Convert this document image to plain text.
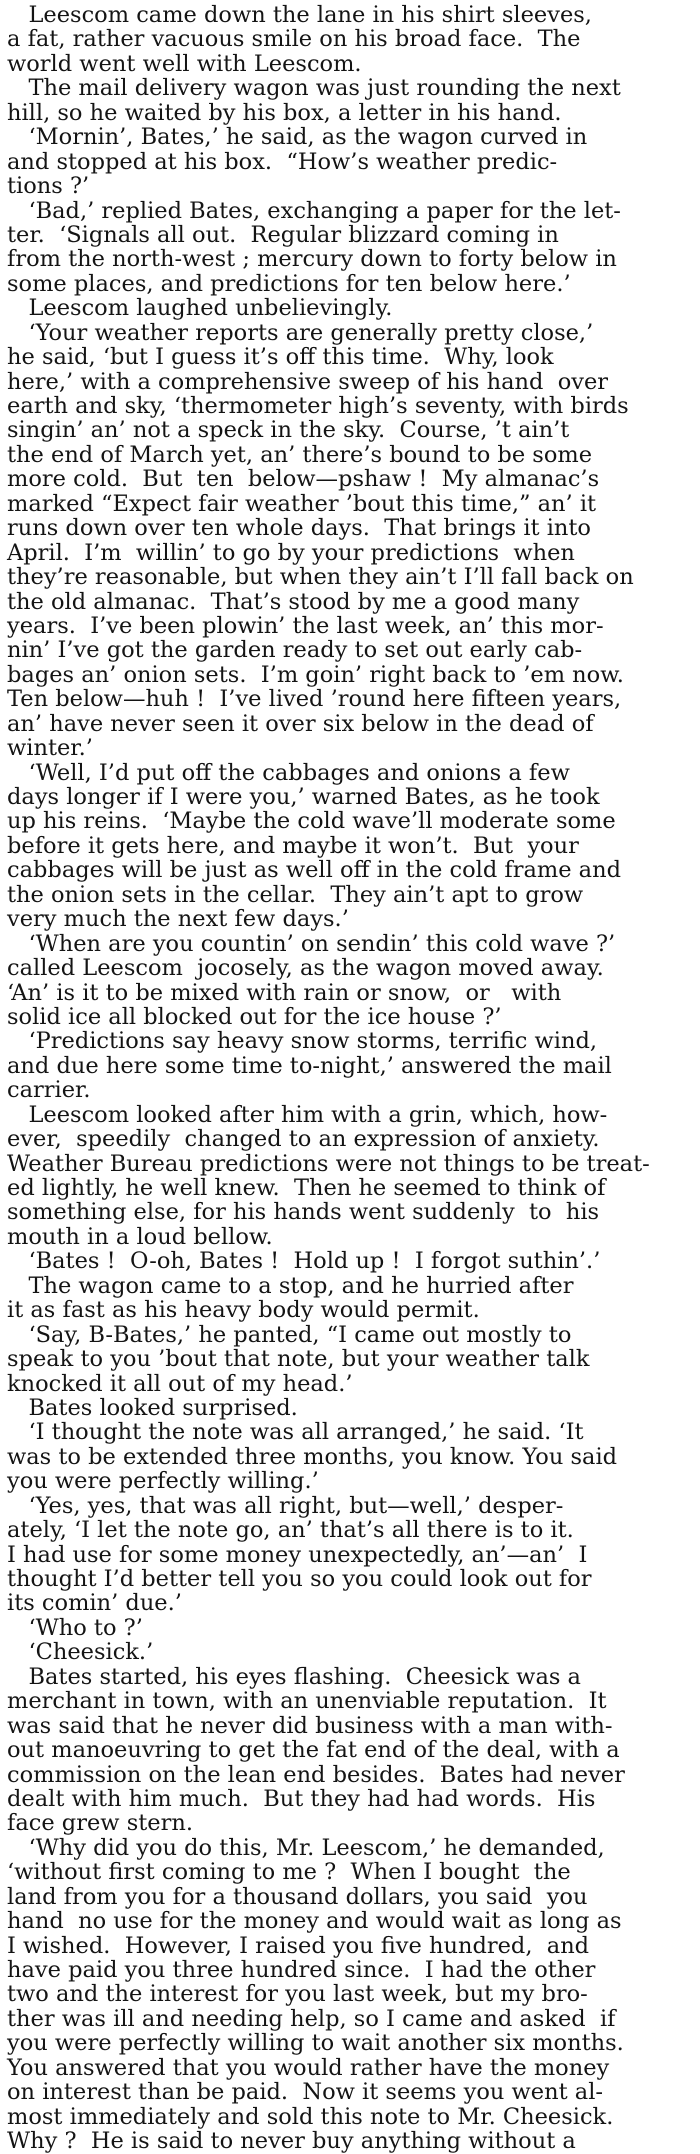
Leescom came down the lane in his shirt sleeves,
a fat, rather vacuous smile on his broad face.  The
world went well with Leescom.
The mail delivery wagon was just rounding the next
hill, so he waited by his box, a letter in his hand.
‘Mornin’, Bates,’ he said, as the wagon curved in
and stopped at his box.  “How’s weather predic-
tions ?’
‘Bad,’ replied Bates, exchanging a paper for the let-
ter.  ‘Signals all out.  Regular blizzard coming in
from the north-west ; mercury down to forty below in
some places, and predictions for ten below here.’
Leescom laughed unbelievingly.
‘Your weather reports are generally pretty close,’
he said, ‘but I guess it’s off this time.  Why, look
here,’ with a comprehensive sweep of his hand  over
earth and sky, ‘thermometer high’s seventy, with birds
singin’ an’ not a speck in the sky.  Course, ’t ain’t
the end of March yet, an’ there’s bound to be some
more cold.  But  ten  below—pshaw !  My almanac’s
marked “Expect fair weather ’bout this time,” an’ it
runs down over ten whole days.  That brings it into
April.  I’m  willin’ to go by your predictions  when
they’re reasonable, but when they ain’t I’ll fall back on
the old almanac.  That’s stood by me a good many
years.  I’ve been plowin’ the last week, an’ this mor-
nin’ I’ve got the garden ready to set out early cab-
bages an’ onion sets.  I’m goin’ right back to ’em now.
Ten below—huh !  I’ve lived ’round here fifteen years,
an’ have never seen it over six below in the dead of
winter.’
‘Well, I’d put off the cabbages and onions a few
days longer if I were you,’ warned Bates, as he took
up his reins.  ‘Maybe the cold wave’ll moderate some
before it gets here, and maybe it won’t.  But  your
cabbages will be just as well off in the cold frame and
the onion sets in the cellar.  They ain’t apt to grow
very much the next few days.’
‘When are you countin’ on sendin’ this cold wave ?’
called Leescom  jocosely, as the wagon moved away.
‘An’ is it to be mixed with rain or snow,  or   with
solid ice all blocked out for the ice house ?’
‘Predictions say heavy snow storms, terrific wind,
and due here some time to-night,’ answered the mail
carrier.
Leescom looked after him with a grin, which, how-
ever,  speedily  changed to an expression of anxiety.
Weather Bureau predictions were not things to be treat-
ed lightly, he well knew.  Then he seemed to think of
something else, for his hands went suddenly  to  his
mouth in a loud bellow.
‘Bates !  O-oh, Bates !  Hold up !  I forgot suthin’.’
The wagon came to a stop, and he hurried after
it as fast as his heavy body would permit.
‘Say, B-Bates,’ he panted, “I came out mostly to
speak to you ’bout that note, but your weather talk
knocked it all out of my head.’
Bates looked surprised.
‘I thought the note was all arranged,’ he said. ‘It
was to be extended three months, you know. You said
you were perfectly willing.’
‘Yes, yes, that was all right, but—well,’ desper-
ately, ‘I let the note go, an’ that’s all there is to it.
I had use for some money unexpectedly, an’—an’  I
thought I’d better tell you so you could look out for
its comin’ due.’
‘Who to ?’
‘Cheesick.’
Bates started, his eyes flashing.  Cheesick was a
merchant in town, with an unenviable reputation.  It
was said that he never did business with a man with-
out manoeuvring to get the fat end of the deal, with a
commission on the lean end besides.  Bates had never
dealt with him much.  But they had had words.  His
face grew stern.
‘Why did you do this, Mr. Leescom,’ he demanded,
‘without first coming to me ?  When I bought  the
land from you for a thousand dollars, you said  you
hand  no use for the money and would wait as long as
I wished.  However, I raised you five hundred,  and
have paid you three hundred since.  I had the other
two and the interest for you last week, but my bro-
ther was ill and needing help, so I came and asked  if
you were perfectly willing to wait another six months.
You answered that you would rather have the money
on interest than be paid.  Now it seems you went al-
most immediately and sold this note to Mr. Cheesick.
Why ?  He is said to never buy anything without a
